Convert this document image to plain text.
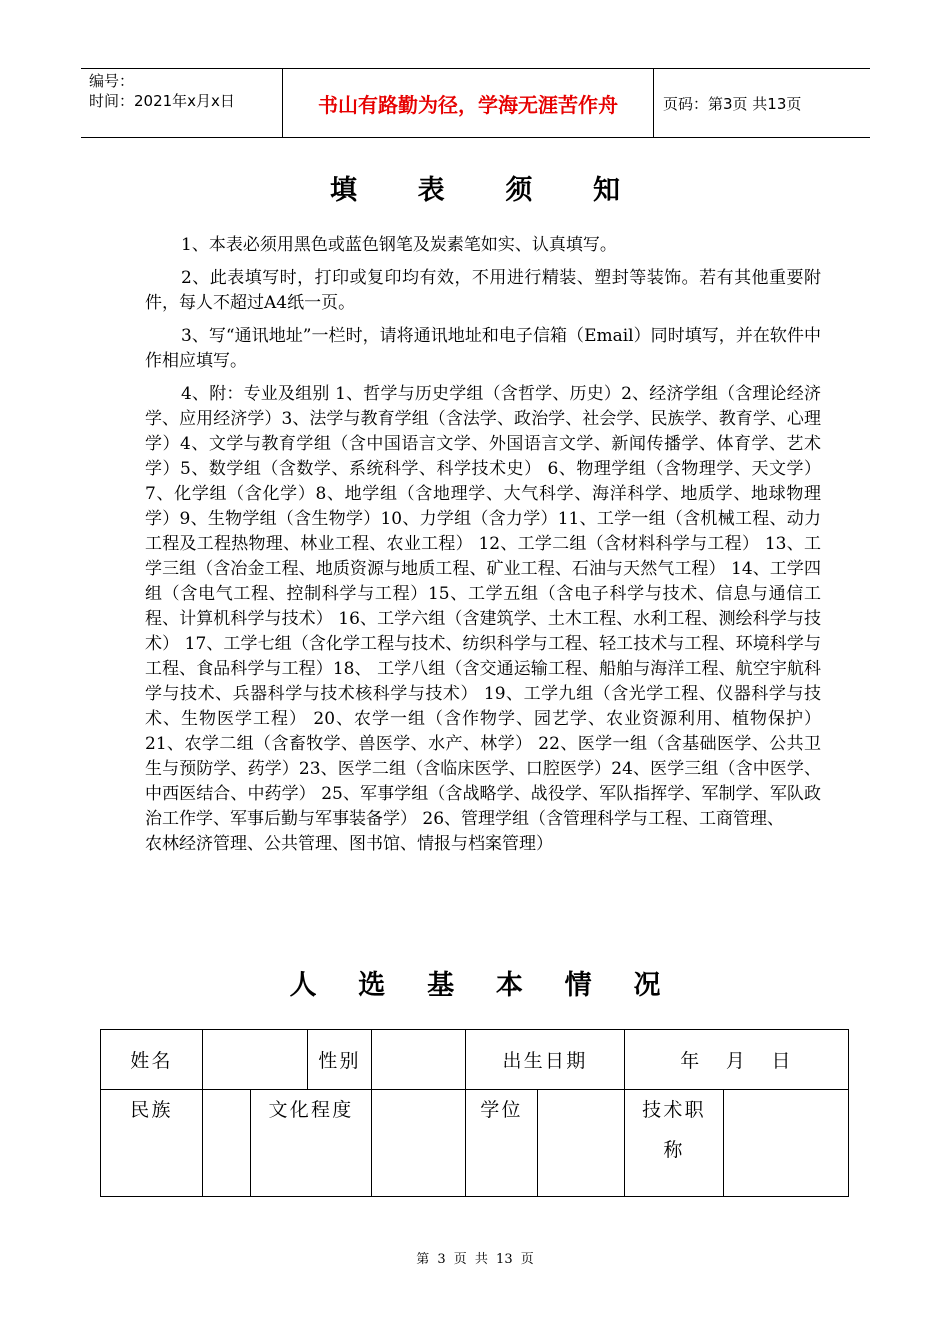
编号：
时间：2021年x月x日	书山有路勤为径，学海无涯苦作舟	页码：第3页 共13页
填 表 须 知

1、本表必须用黑色或蓝色钢笔及炭素笔如实、认真填写。

2、此表填写时，打印或复印均有效，不用进行精装、塑封等装饰。若有其他重要附件，每人不超过A4纸一页。

3、写“通讯地址”一栏时，请将通讯地址和电子信箱（Email）同时填写，并在软件中作相应填写。

4、附：专业及组别 1、哲学与历史学组（含哲学、历史）2、经济学组（含理论经济学、应用经济学）3、法学与教育学组（含法学、政治学、社会学、民族学、教育学、心理学）4、文学与教育学组（含中国语言文学、外国语言文学、新闻传播学、体育学、艺术学）5、数学组（含数学、系统科学、科学技术史） 6、物理学组（含物理学、天文学）7、化学组（含化学）8、地学组（含地理学、大气科学、海洋科学、地质学、地球物理学）9、生物学组（含生物学）10、力学组（含力学）11、工学一组（含机械工程、动力工程及工程热物理、林业工程、农业工程） 12、工学二组（含材料科学与工程） 13、工学三组（含冶金工程、地质资源与地质工程、矿业工程、石油与天然气工程） 14、工学四组（含电气工程、控制科学与工程）15、工学五组（含电子科学与技术、信息与通信工程、计算机科学与技术） 16、工学六组（含建筑学、土木工程、水利工程、测绘科学与技术） 17、工学七组（含化学工程与技术、纺织科学与工程、轻工技术与工程、环境科学与工程、食品科学与工程）18、 工学八组（含交通运输工程、船舶与海洋工程、航空宇航科学与技术、兵器科学与技术核科学与技术） 19、工学九组（含光学工程、仪器科学与技术、生物医学工程） 20、农学一组（含作物学、园艺学、农业资源利用、植物保护）21、农学二组（含畜牧学、兽医学、水产、林学） 22、医学一组（含基础医学、公共卫生与预防学、药学）23、医学二组（含临床医学、口腔医学）24、医学三组（含中医学、中西医结合、中药学） 25、军事学组（含战略学、战役学、军队指挥学、军制学、军队政治工作学、军事后勤与军事装备学） 26、管理学组（含管理科学与工程、工商管理、

农林经济管理、公共管理、图书馆、情报与档案管理）

人 选 基 本 情 况
姓名			性别		出生日期		年 月 日	
民族		文化程度			学位		技术职称	

第 3 页 共 13 页
